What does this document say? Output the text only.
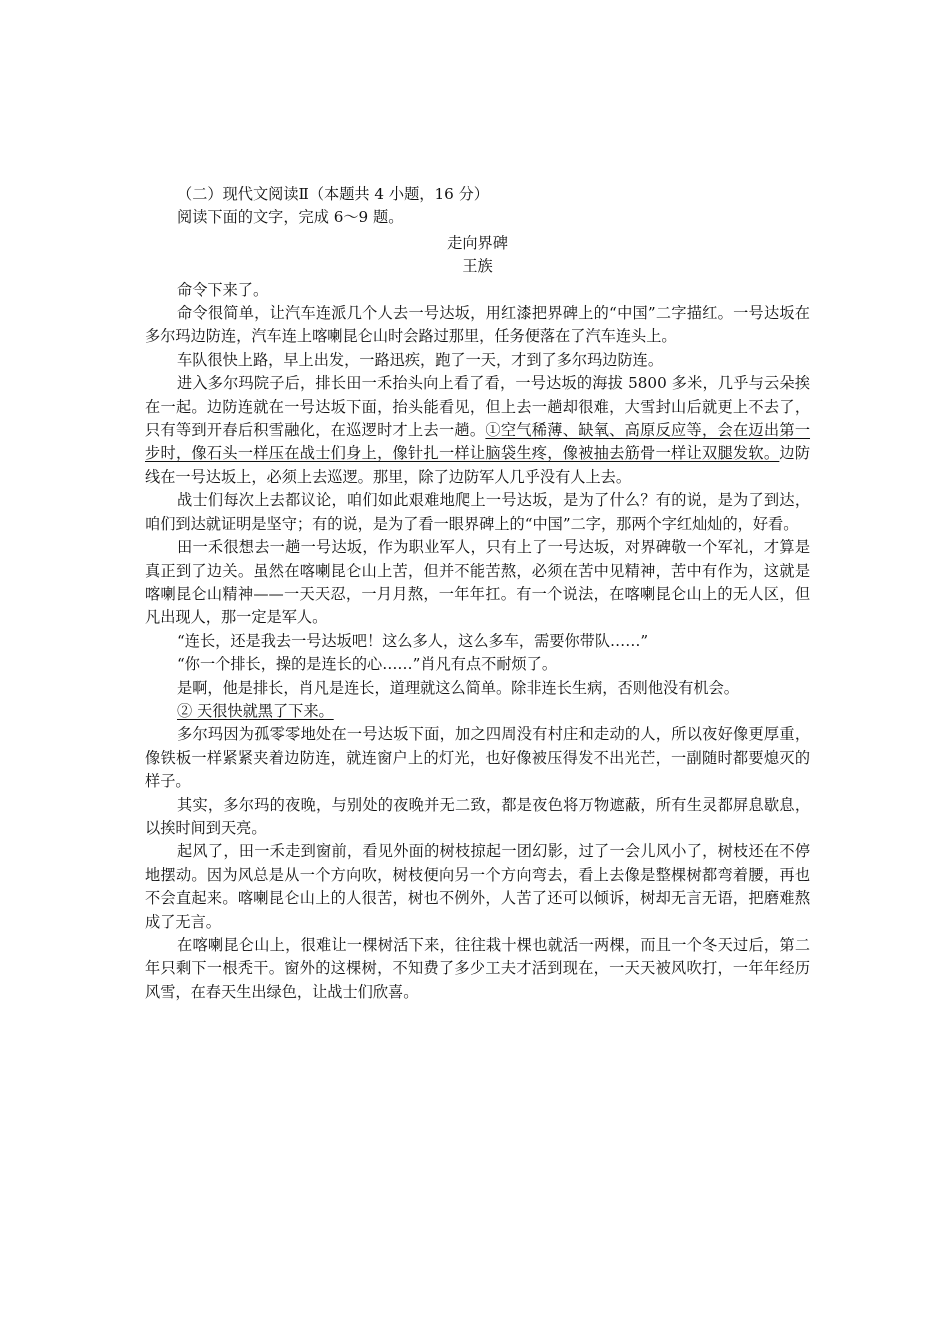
（二）现代文阅读Ⅱ（本题共 4 小题，16 分）
阅读下面的文字，完成 6～9 题。
走向界碑
王族

命令下来了。

命令很简单，让汽车连派几个人去一号达坂，用红漆把界碑上的“中国”二字描红。一号达坂在多尔玛边防连，汽车连上喀喇昆仑山时会路过那里，任务便落在了汽车连头上。

车队很快上路，早上出发，一路迅疾，跑了一天，才到了多尔玛边防连。

进入多尔玛院子后，排长田一禾抬头向上看了看，一号达坂的海拔 5800 多米，几乎与云朵挨在一起。边防连就在一号达坂下面，抬头能看见，但上去一趟却很难，大雪封山后就更上不去了，只有等到开春后积雪融化，在巡逻时才上去一趟。①空气稀薄、缺氧、高原反应等，会在迈出第一步时，像石头一样压在战士们身上，像针扎一样让脑袋生疼，像被抽去筋骨一样让双腿发软。边防线在一号达坂上，必须上去巡逻。那里，除了边防军人几乎没有人上去。

战士们每次上去都议论，咱们如此艰难地爬上一号达坂，是为了什么？有的说，是为了到达，咱们到达就证明是坚守；有的说，是为了看一眼界碑上的“中国”二字，那两个字红灿灿的，好看。

田一禾很想去一趟一号达坂，作为职业军人，只有上了一号达坂，对界碑敬一个军礼，才算是真正到了边关。虽然在喀喇昆仑山上苦，但并不能苦熬，必须在苦中见精神，苦中有作为，这就是喀喇昆仑山精神——一天天忍，一月月熬，一年年扛。有一个说法，在喀喇昆仑山上的无人区，但凡出现人，那一定是军人。

“连长，还是我去一号达坂吧！这么多人，这么多车，需要你带队……”

“你一个排长，操的是连长的心……”肖凡有点不耐烦了。

是啊，他是排长，肖凡是连长，道理就这么简单。除非连长生病，否则他没有机会。

② 天很快就黑了下来。

多尔玛因为孤零零地处在一号达坂下面，加之四周没有村庄和走动的人，所以夜好像更厚重，像铁板一样紧紧夹着边防连，就连窗户上的灯光，也好像被压得发不出光芒，一副随时都要熄灭的样子。

其实，多尔玛的夜晚，与别处的夜晚并无二致，都是夜色将万物遮蔽，所有生灵都屏息歇息，以挨时间到天亮。

起风了，田一禾走到窗前，看见外面的树枝掠起一团幻影，过了一会儿风小了，树枝还在不停地摆动。因为风总是从一个方向吹，树枝便向另一个方向弯去，看上去像是整棵树都弯着腰，再也不会直起来。喀喇昆仑山上的人很苦，树也不例外，人苦了还可以倾诉，树却无言无语，把磨难熬成了无言。

在喀喇昆仑山上，很难让一棵树活下来，往往栽十棵也就活一两棵，而且一个冬天过后，第二年只剩下一根秃干。窗外的这棵树，不知费了多少工夫才活到现在，一天天被风吹打，一年年经历风雪，在春天生出绿色，让战士们欣喜。
